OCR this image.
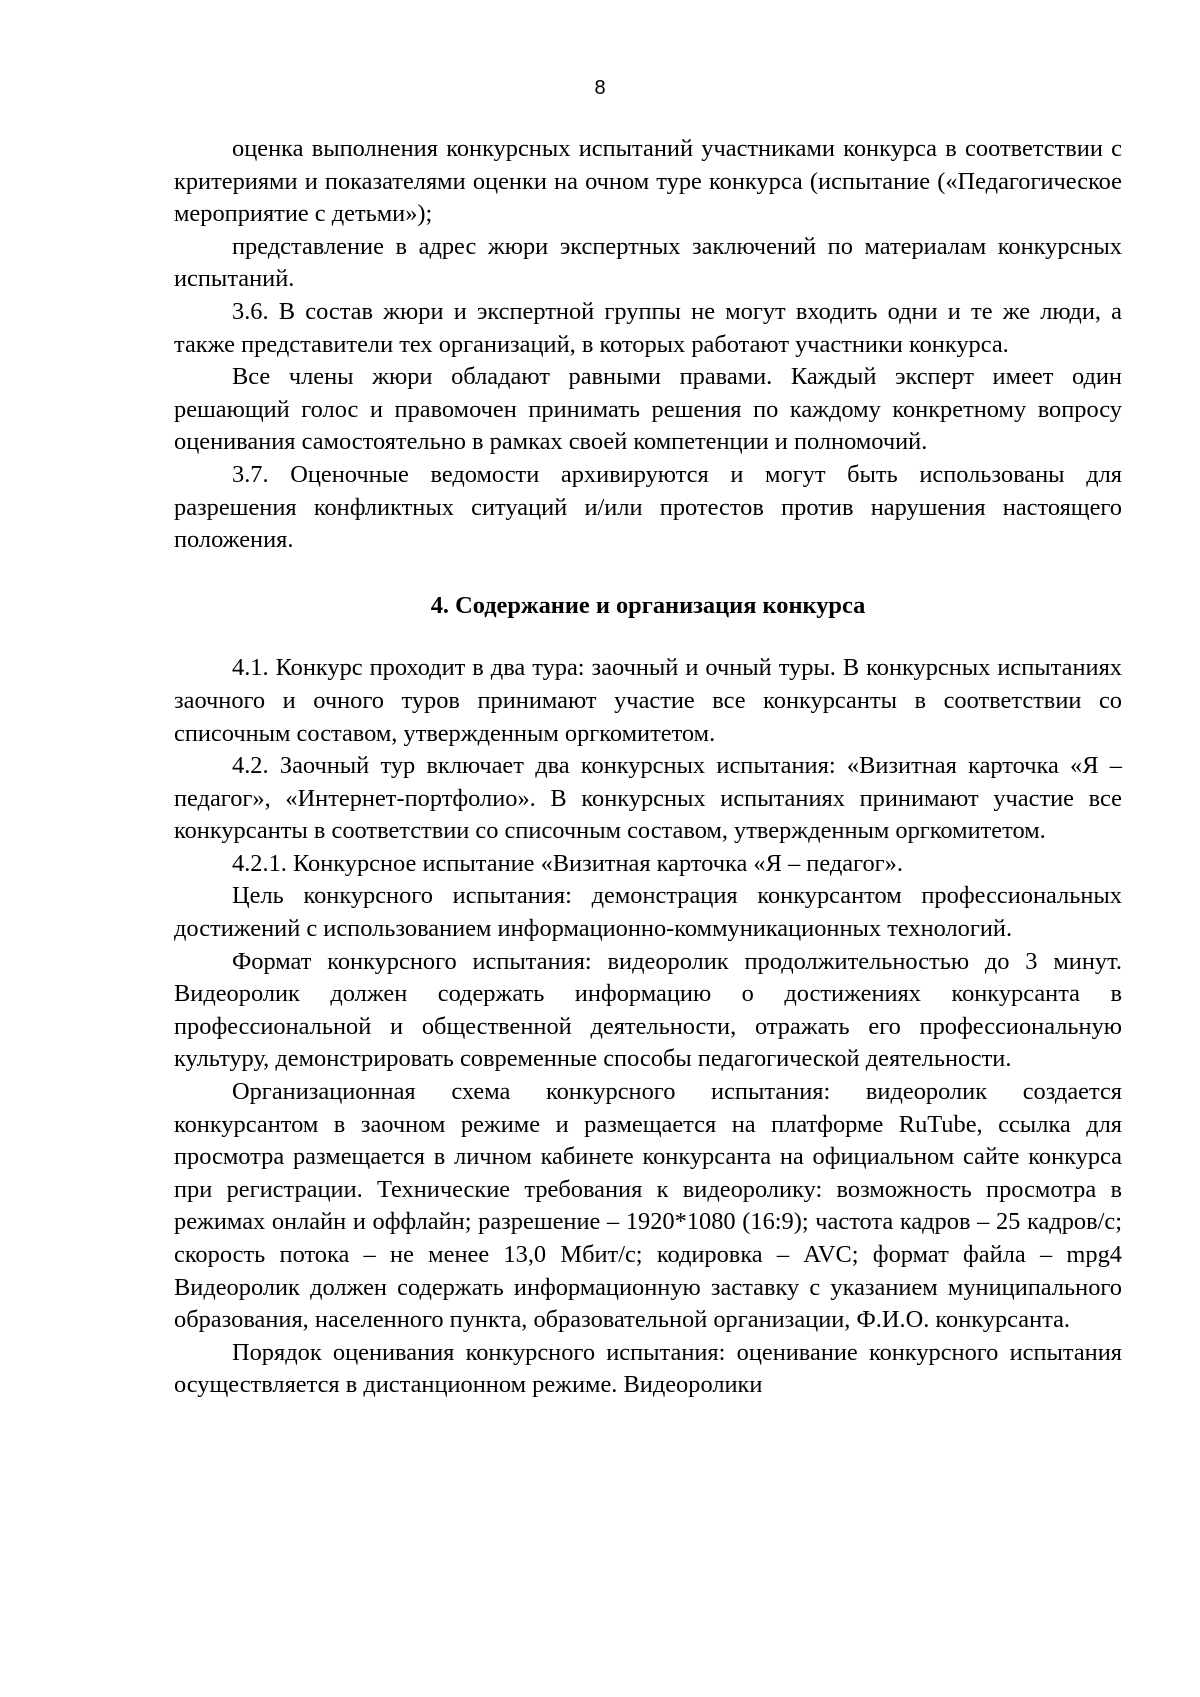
8

оценка выполнения конкурсных испытаний участниками конкурса в соответствии с критериями и показателями оценки на очном туре конкурса (испытание («Педагогическое мероприятие с детьми»);

представление в адрес жюри экспертных заключений по материалам конкурсных испытаний.

3.6. В состав жюри и экспертной группы не могут входить одни и те же люди, а также представители тех организаций, в которых работают участники конкурса.

Все члены жюри обладают равными правами. Каждый эксперт имеет один решающий голос и правомочен принимать решения по каждому конкретному вопросу оценивания самостоятельно в рамках своей компетенции и полномочий.

3.7. Оценочные ведомости архивируются и могут быть использованы для разрешения конфликтных ситуаций и/или протестов против нарушения настоящего положения.

4. Содержание и организация конкурса

4.1. Конкурс проходит в два тура: заочный и очный туры. В конкурсных испытаниях заочного и очного туров принимают участие все конкурсанты в соответствии со списочным составом, утвержденным оргкомитетом.

4.2. Заочный тур включает два конкурсных испытания: «Визитная карточка «Я – педагог», «Интернет-портфолио». В конкурсных испытаниях принимают участие все конкурсанты в соответствии со списочным составом, утвержденным оргкомитетом.

4.2.1. Конкурсное испытание «Визитная карточка «Я – педагог».

Цель конкурсного испытания: демонстрация конкурсантом профессиональных достижений с использованием информационно-коммуникационных технологий.

Формат конкурсного испытания: видеоролик продолжительностью до 3 минут. Видеоролик должен содержать информацию о достижениях конкурсанта в профессиональной и общественной деятельности, отражать его профессиональную культуру, демонстрировать современные способы педагогической деятельности.

Организационная схема конкурсного испытания: видеоролик создается конкурсантом в заочном режиме и размещается на платформе RuTube, ссылка для просмотра размещается в личном кабинете конкурсанта на официальном сайте конкурса при регистрации. Технические требования к видеоролику: возможность просмотра в режимах онлайн и оффлайн; разрешение – 1920*1080 (16:9); частота кадров – 25 кадров/с; скорость потока – не менее 13,0 Мбит/с; кодировка – AVC; формат файла – mpg4 Видеоролик должен содержать информационную заставку с указанием муниципального образования, населенного пункта, образовательной организации, Ф.И.О. конкурсанта.

Порядок оценивания конкурсного испытания: оценивание конкурсного испытания осуществляется в дистанционном режиме. Видеоролики
